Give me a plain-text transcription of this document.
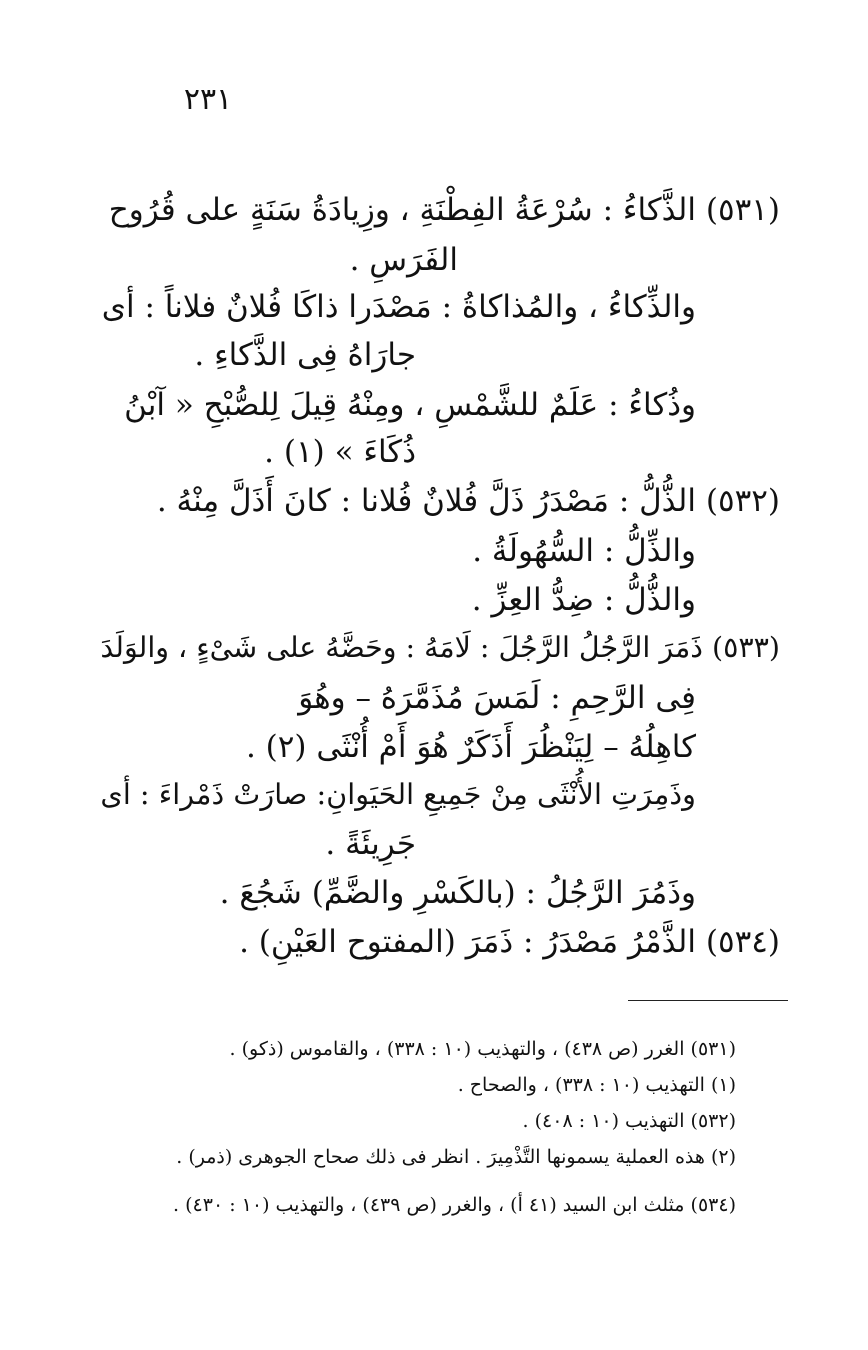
٢٣١
(٥٣١) الذَّكاءُ : سُرْعَةُ الفِطْنَةِ ، وزِيادَةُ سَنَةٍ على قُرُوح
الفَرَسِ .
والذِّكاءُ ، والمُذاكاةُ : مَصْدَرا ذاكَا فُلانٌ فلاناً : أى
جارَاهُ فِى الذَّكاءِ .
وذُكاءُ : عَلَمٌ للشَّمْسِ ، ومِنْهُ قِيلَ لِلصُّبْحِ « آبْنُ
ذُكَاءَ » (١) .
(٥٣٢) الذُّلُّ : مَصْدَرُ ذَلَّ فُلانٌ فُلانا : كانَ أَذَلَّ مِنْهُ .
والذِّلُّ : السُّهُولَةُ .
والذُّلُّ : ضِدُّ العِزِّ .
(٥٣٣) ذَمَرَ الرَّجُلُ الرَّجُلَ : لَامَهُ : وحَضَّهُ على شَىْءٍ ، والوَلَدَ
فِى الرَّحِمِ : لَمَسَ مُذَمَّرَهُ – وهُوَ
كاهِلُهُ – لِيَنْظُرَ أَذَكَرٌ هُوَ أَمْ أُنْثَى (٢) .
وذَمِرَتِ الأُنْثَى مِنْ جَمِيعِ الحَيَوانِ: صارَتْ ذَمْراءَ : أى
جَرِيئَةً .
وذَمُرَ الرَّجُلُ : (بالكَسْرِ والضَّمِّ) شَجُعَ .
(٥٣٤) الذَّمْرُ مَصْدَرُ : ذَمَرَ (المفتوح العَيْنِ) .
(٥٣١) الغرر (ص ٤٣٨) ، والتهذيب (١٠ : ٣٣٨) ، والقاموس (ذكو) .
(١) التهذيب (١٠ : ٣٣٨) ، والصحاح .
(٥٣٢) التهذيب (١٠ : ٤٠٨) .
(٢) هذه العملية يسمونها التَّذْمِيرَ . انظر فى ذلك صحاح الجوهرى (ذمر) .
(٥٣٤) مثلث ابن السيد (٤١ أ) ، والغرر (ص ٤٣٩) ، والتهذيب (١٠ : ٤٣٠) .
